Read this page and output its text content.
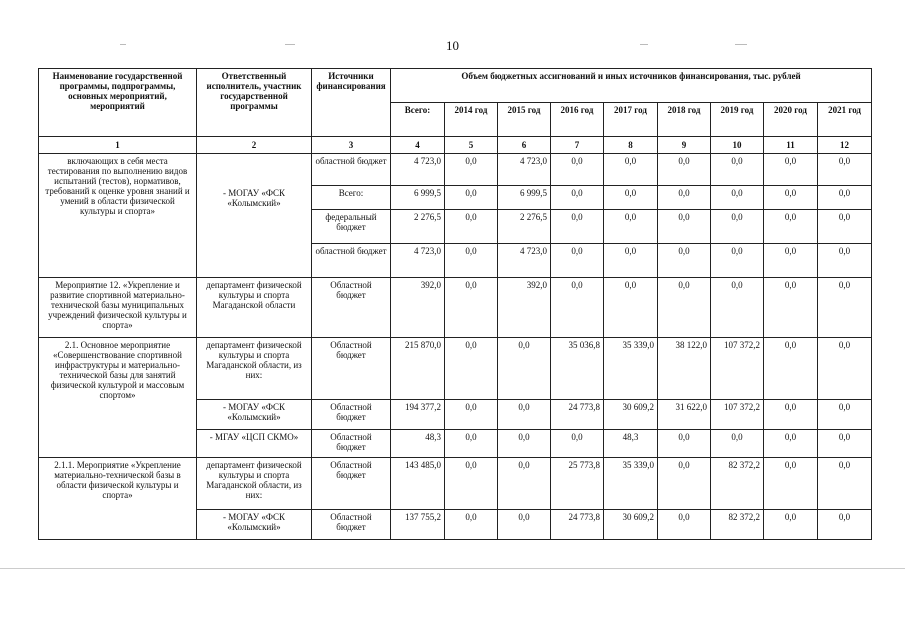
10
Наименование государственной программы, подпрограммы, основных мероприятий, мероприятий	Ответственный исполнитель, участник государственной программы	Источники финансирования	Объем бюджетных ассигнований и иных источников финансирования, тыс. рублей								
			Всего:	2014 год	2015 год	2016 год	2017 год	2018 год	2019 год	2020 год	2021 год
1	2	3	4	5	6	7	8	9	10	11	12
включающих в себя места тестирования по выполнению видов испытаний (тестов), нормативов, требований к оценке уровня знаний и умений в области физической культуры и спорта»		областной бюджет	4 723,0	0,0	4 723,0	0,0	0,0	0,0	0,0	0,0	0,0
	- МОГАУ «ФСК «Колымский»	Всего:	6 999,5	0,0	6 999,5	0,0	0,0	0,0	0,0	0,0	0,0
		федеральный бюджет	2 276,5	0,0	2 276,5	0,0	0,0	0,0	0,0	0,0	0,0
		областной бюджет	4 723,0	0,0	4 723,0	0,0	0,0	0,0	0,0	0,0	0,0
Мероприятие 12. «Укрепление и развитие спортивной материально-технической базы муниципальных учреждений физической культуры и спорта»	департамент физической культуры и спорта Магаданской области	Областной бюджет	392,0	0,0	392,0	0,0	0,0	0,0	0,0	0,0	0,0
2.1. Основное мероприятие «Совершенствование спортивной инфраструктуры и материально-технической базы для занятий физической культурой и массовым спортом»	департамент физической культуры и спорта Магаданской области, из них:	Областной бюджет	215 870,0	0,0	0,0	35 036,8	35 339,0	38 122,0	107 372,2	0,0	0,0
	- МОГАУ «ФСК «Колымский»	Областной бюджет	194 377,2	0,0	0,0	24 773,8	30 609,2	31 622,0	107 372,2	0,0	0,0
	- МГАУ «ЦСП СКМО»	Областной бюджет	48,3	0,0	0,0	0,0	48,3	0,0	0,0	0,0	0,0
2.1.1. Мероприятие «Укрепление материально-технической базы в области физической культуры и спорта»	департамент физической культуры и спорта Магаданской области, из них:	Областной бюджет	143 485,0	0,0	0,0	25 773,8	35 339,0	0,0	82 372,2	0,0	0,0
	- МОГАУ «ФСК «Колымский»	Областной бюджет	137 755,2	0,0	0,0	24 773,8	30 609,2	0,0	82 372,2	0,0	0,0
